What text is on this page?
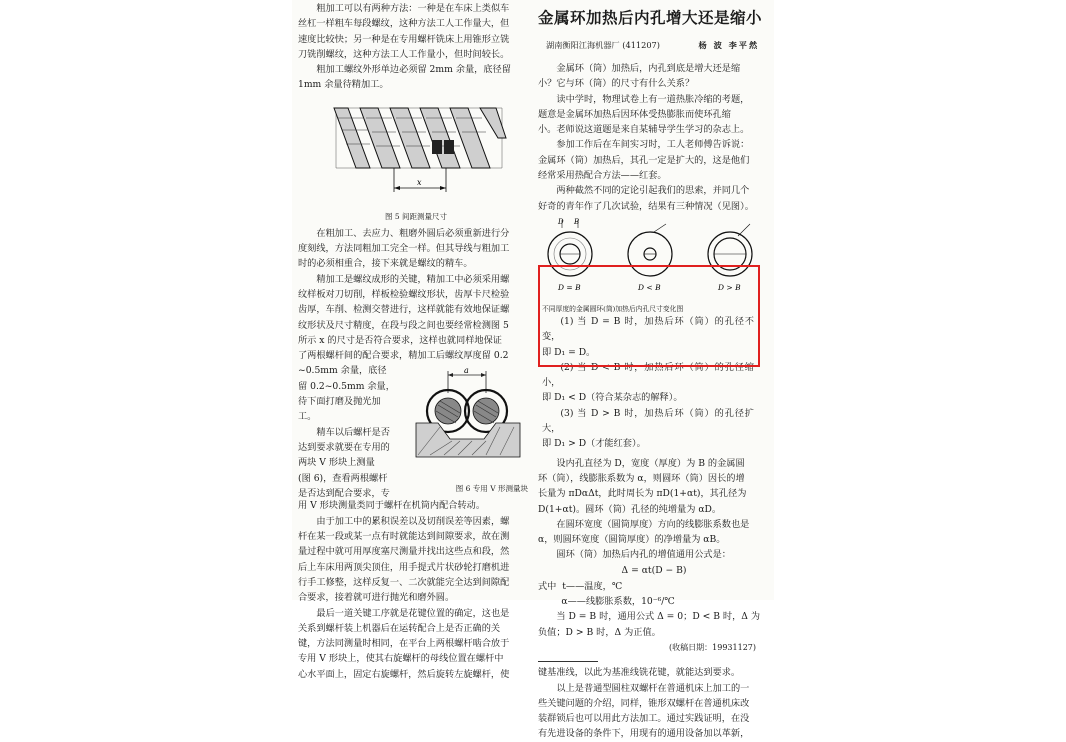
粗加工可以有两种方法：一种是在车床上类似车

丝杠一样粗车每段螺纹，这种方法工人工作量大，但

速度比较快；另一种是在专用螺杆铣床上用锥形立铣

刀铣削螺纹，这种方法工人工作量小，但时间较长。

粗加工螺纹外形单边必须留 2mm 余量，底径留

1mm 余量待精加工。

图 5 间距测量尺寸

在粗加工、去应力、粗磨外圆后必须重新进行分

度刻线，方法同粗加工完全一样。但其导线与粗加工

时的必须相重合，接下来就是螺纹的精车。

精加工是螺纹成形的关键，精加工中必须采用螺

纹样板对刀切削，样板检验螺纹形状，齿厚卡尺检验

齿厚，车削、检测交替进行，这样就能有效地保证螺

纹形状及尺寸精度，在段与段之间也要经常检测图 5

所示 x 的尺寸是否符合要求，这样也就同样地保证

了两根螺杆间的配合要求，精加工后螺纹厚度留 0.2

~0.5mm 余量，底径

留 0.2~0.5mm 余量，

待下面打磨及抛光加

工。

精车以后螺杆是否

达到要求就要在专用的

两块 V 形块上测量

(图 6)，查看两根螺杆

是否达到配合要求，专

a
图 6 专用 V 形测量块

用 V 形块测量类同于螺杆在机筒内配合转动。

由于加工中的累积误差以及切削误差等因素，螺

杆在某一段或某一点有时就能达到间隙要求，故在测

量过程中就可用厚度塞尺测量并找出这些点和段，然

后上车床用两顶尖顶住，用手提式片状砂轮打磨机进

行手工修整，这样反复一、二次就能完全达到间隙配

合要求，接着就可进行抛光和磨外圆。

最后一道关键工序就是花键位置的确定，这也是

关系到螺杆装上机器后在运转配合上是否正确的关

键，方法同测量时相同，在平台上两根螺杆啮合放于

专用 V 形块上，使其右旋螺杆的母线位置在螺杆中

心水平面上，固定右旋螺杆，然后旋转左旋螺杆，使

x
金属环加热后内孔增大还是缩小
湖南衡阳江海机器厂 (411207)	杨 波 李平然

金属环（筒）加热后，内孔到底是增大还是缩

小？它与环（筒）的尺寸有什么关系？

读中学时，物理试卷上有一道热胀冷缩的考题，

题意是金属环加热后因环体受热膨胀而使环孔缩

小。老师说这道题是来自某辅导学生学习的杂志上。

参加工作后在车间实习时，工人老师傅告诉说：

金属环（筒）加热后，其孔一定是扩大的，这是他们

经常采用热配合方法——红套。

两种截然不同的定论引起我们的思索，并同几个

好奇的青年作了几次试验，结果有三种情况（见图）。

D B
D = B	D < B	D > B
不同厚度的金属圆环(筒)加热后内孔尺寸变化图

(1) 当 D = B 时，加热后环（筒）的孔径不变，

即 D₁ = D。

(2) 当 D < B 时，加热后环（筒）的孔径缩小，

即 D₁ < D（符合某杂志的解释）。

(3) 当 D > B 时，加热后环（筒）的孔径扩大，

即 D₁ > D（才能红套）。

设内孔直径为 D，宽度（厚度）为 B 的金属圆

环（筒），线膨胀系数为 α，则圆环（筒）因长的增

长量为 πDαΔt，此时周长为 πD(1+αt)，其孔径为

D(1+αt)。圆环（筒）孔径的纯增量为 αD。

在圆环宽度（圆筒厚度）方向的线膨胀系数也是

α，则圆环宽度（圆筒厚度）的净增量为 αB。

圆环（筒）加热后内孔的增值通用公式是：

Δ = αt(D − B)

式中  t——温度，℃

α——线膨胀系数，10⁻⁶/℃

当 D = B 时，通用公式 Δ = 0；D < B 时，Δ 为

负值；D > B 时，Δ 为正值。

(收稿日期：19931127)

键基准线，以此为基准线铣花键，就能达到要求。

以上是普通型圆柱双螺杆在普通机床上加工的一

些关键问题的介绍，同样，锥形双螺杆在普通机床改

装群锁后也可以用此方法加工。通过实践证明，在没

有先进设备的条件下，用现有的通用设备加以革新，
